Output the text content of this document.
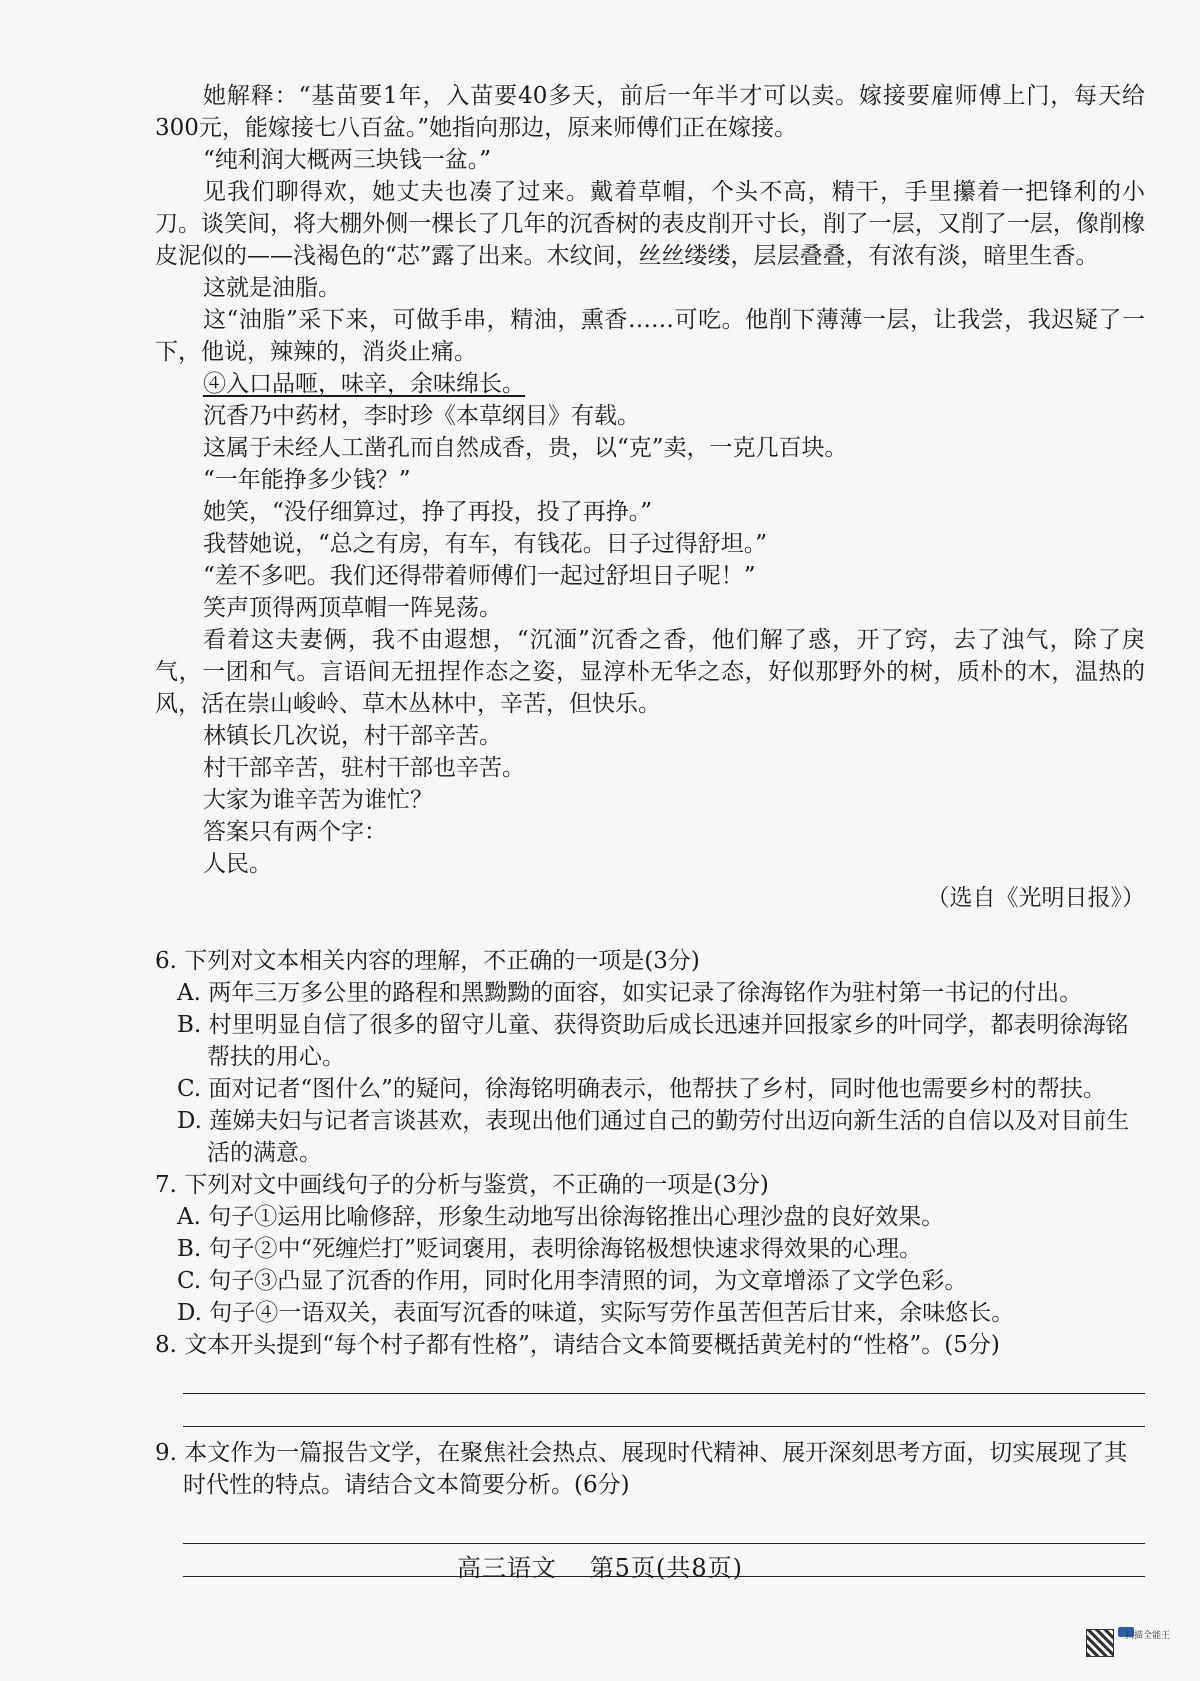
她解释：“基苗要1年，入苗要40多天，前后一年半才可以卖。嫁接要雇师傅上门，每天给300元，能嫁接七八百盆。”她指向那边，原来师傅们正在嫁接。

“纯利润大概两三块钱一盆。”

见我们聊得欢，她丈夫也凑了过来。戴着草帽，个头不高，精干，手里攥着一把锋利的小刀。谈笑间，将大棚外侧一棵长了几年的沉香树的表皮削开寸长，削了一层，又削了一层，像削橡皮泥似的——浅褐色的“芯”露了出来。木纹间，丝丝缕缕，层层叠叠，有浓有淡，暗里生香。

这就是油脂。

这“油脂”采下来，可做手串，精油，熏香……可吃。他削下薄薄一层，让我尝，我迟疑了一下，他说，辣辣的，消炎止痛。

④入口品咂，味辛，余味绵长。

沉香乃中药材，李时珍《本草纲目》有载。

这属于未经人工凿孔而自然成香，贵，以“克”卖，一克几百块。

“一年能挣多少钱？”

她笑，“没仔细算过，挣了再投，投了再挣。”

我替她说，“总之有房，有车，有钱花。日子过得舒坦。”

“差不多吧。我们还得带着师傅们一起过舒坦日子呢！”

笑声顶得两顶草帽一阵晃荡。

看着这夫妻俩，我不由遐想，“沉湎”沉香之香，他们解了惑，开了窍，去了浊气，除了戾气，一团和气。言语间无扭捏作态之姿，显淳朴无华之态，好似那野外的树，质朴的木，温热的风，活在崇山峻岭、草木丛林中，辛苦，但快乐。

林镇长几次说，村干部辛苦。

村干部辛苦，驻村干部也辛苦。

大家为谁辛苦为谁忙？

答案只有两个字：

人民。

（选自《光明日报》）

6. 下列对文本相关内容的理解，不正确的一项是(3分)

A. 两年三万多公里的路程和黑黝黝的面容，如实记录了徐海铭作为驻村第一书记的付出。

B. 村里明显自信了很多的留守儿童、获得资助后成长迅速并回报家乡的叶同学，都表明徐海铭帮扶的用心。

C. 面对记者“图什么”的疑问，徐海铭明确表示，他帮扶了乡村，同时他也需要乡村的帮扶。

D. 莲娣夫妇与记者言谈甚欢，表现出他们通过自己的勤劳付出迈向新生活的自信以及对目前生活的满意。

7. 下列对文中画线句子的分析与鉴赏，不正确的一项是(3分)

A. 句子①运用比喻修辞，形象生动地写出徐海铭推出心理沙盘的良好效果。

B. 句子②中“死缠烂打”贬词褒用，表明徐海铭极想快速求得效果的心理。

C. 句子③凸显了沉香的作用，同时化用李清照的词，为文章增添了文学色彩。

D. 句子④一语双关，表面写沉香的味道，实际写劳作虽苦但苦后甘来，余味悠长。

8. 文本开头提到“每个村子都有性格”，请结合文本简要概括黄羌村的“性格”。(5分)

9. 本文作为一篇报告文学，在聚焦社会热点、展现时代精神、展开深刻思考方面，切实展现了其时代性的特点。请结合文本简要分析。(6分)

高三语文 第5页(共8页)
扫描全能王
